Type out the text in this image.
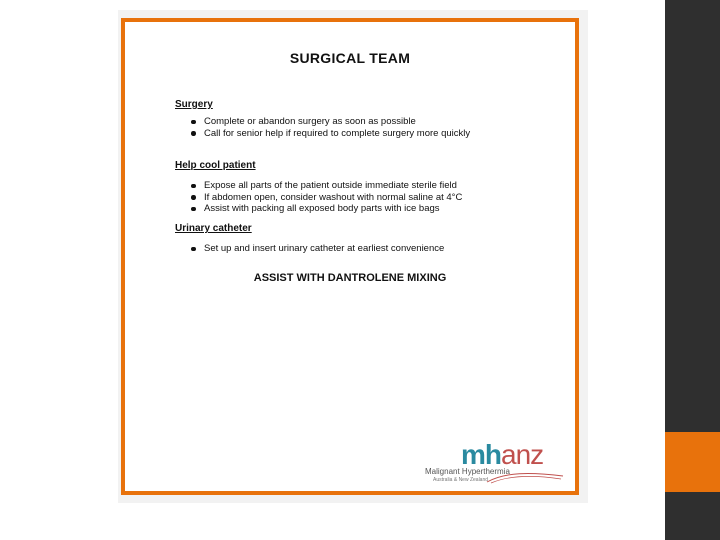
SURGICAL TEAM
Surgery
Complete or abandon surgery as soon as possible
Call for senior help if required to complete surgery more quickly
Help cool patient
Expose all parts of the patient outside immediate sterile field
If abdomen open, consider washout with normal saline at 4°C
Assist with packing all exposed body parts with ice bags
Urinary catheter
Set up and insert urinary catheter at earliest convenience
ASSIST WITH DANTROLENE MIXING
mhanz
Malignant Hyperthermia
Australia & New Zealand
